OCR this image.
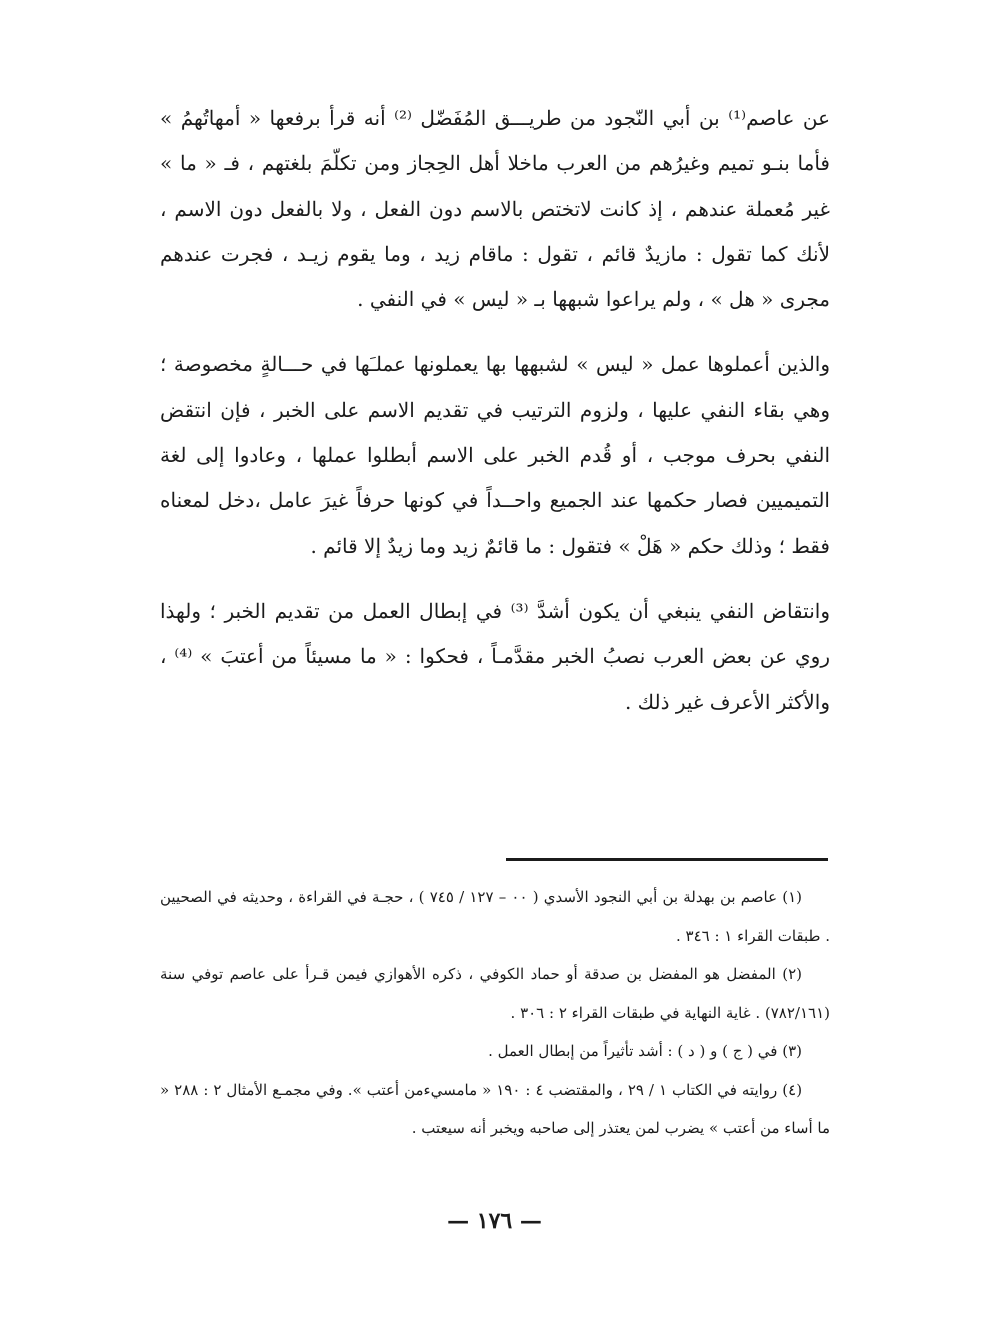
عن عاصم⁽¹⁾ بن أبي النّجود من طريـــق المُفَضّل ⁽²⁾ أنه قرأ برفعها « أمهاتُهمُ » فأما بنـو تميم وغيرُهم من العرب ماخلا أهل الحِجاز ومن تكلّمَ بلغتهم ، فـ « ما » غير مُعملة عندهم ، إذ كانت لاتختص بالاسم دون الفعل ، ولا بالفعل دون الاسم ، لأنك كما تقول : مازيدٌ قائم ، تقول : ماقام زيد ، وما يقوم زيـد ، فجرت عندهم مجرى « هل » ، ولم يراعوا شبهها بـ « ليس » في النفي .

والذين أعملوها عمل « ليس » لشبهها بها يعملونها عملـَها في حـــالةٍ مخصوصة ؛ وهي بقاء النفي عليها ، ولزوم الترتيب في تقديم الاسم على الخبر ، فإن انتقض النفي بحرف موجب ، أو قُدم الخبر على الاسم أبطلوا عملها ، وعادوا إلى لغة التميميين فصار حكمها عند الجميع واحــداً في كونها حرفاً غيرَ عامل ،دخل لمعناه فقط ؛ وذلك حكم « هَلْ » فتقول : ما قائمٌ زيد وما زيدٌ إلا قائم .

وانتقاض النفي ينبغي أن يكون أشدَّ ⁽³⁾ في إبطال العمل من تقديم الخبر ؛ ولهذا روي عن بعض العرب نصبُ الخبر مقدَّمـاً ، فحكوا : « ما مسيئاً من أعتبَ » ⁽⁴⁾ ، والأكثر الأعرف غير ذلك .

(١) عاصم بن بهدلة بن أبي النجود الأسدي ( ٠٠ – ١٢٧ / ٧٤٥ ) ، حجـة في القراءة ، وحديثه في الصحيين . طبقات القراء ١ : ٣٤٦ .

(٢) المفضل هو المفضل بن صدقة أو حماد الكوفي ، ذكره الأهوازي فيمن قـرأ على عاصم توفي سنة (٧٨٢/١٦١) . غاية النهاية في طبقات القراء ٢ : ٣٠٦ .

(٣) في ( ج ) و ( د ) : أشد تأثيراً من إبطال العمل .

(٤) روايته في الكتاب ١ / ٢٩ ، والمقتضب ٤ : ١٩٠ « مامسيءمن أعتب ». وفي مجمـع الأمثال ٢ : ٢٨٨ « ما أساء من أعتب » يضرب لمن يعتذر إلى صاحبه ويخبر أنه سيعتب .

— ١٧٦ —
